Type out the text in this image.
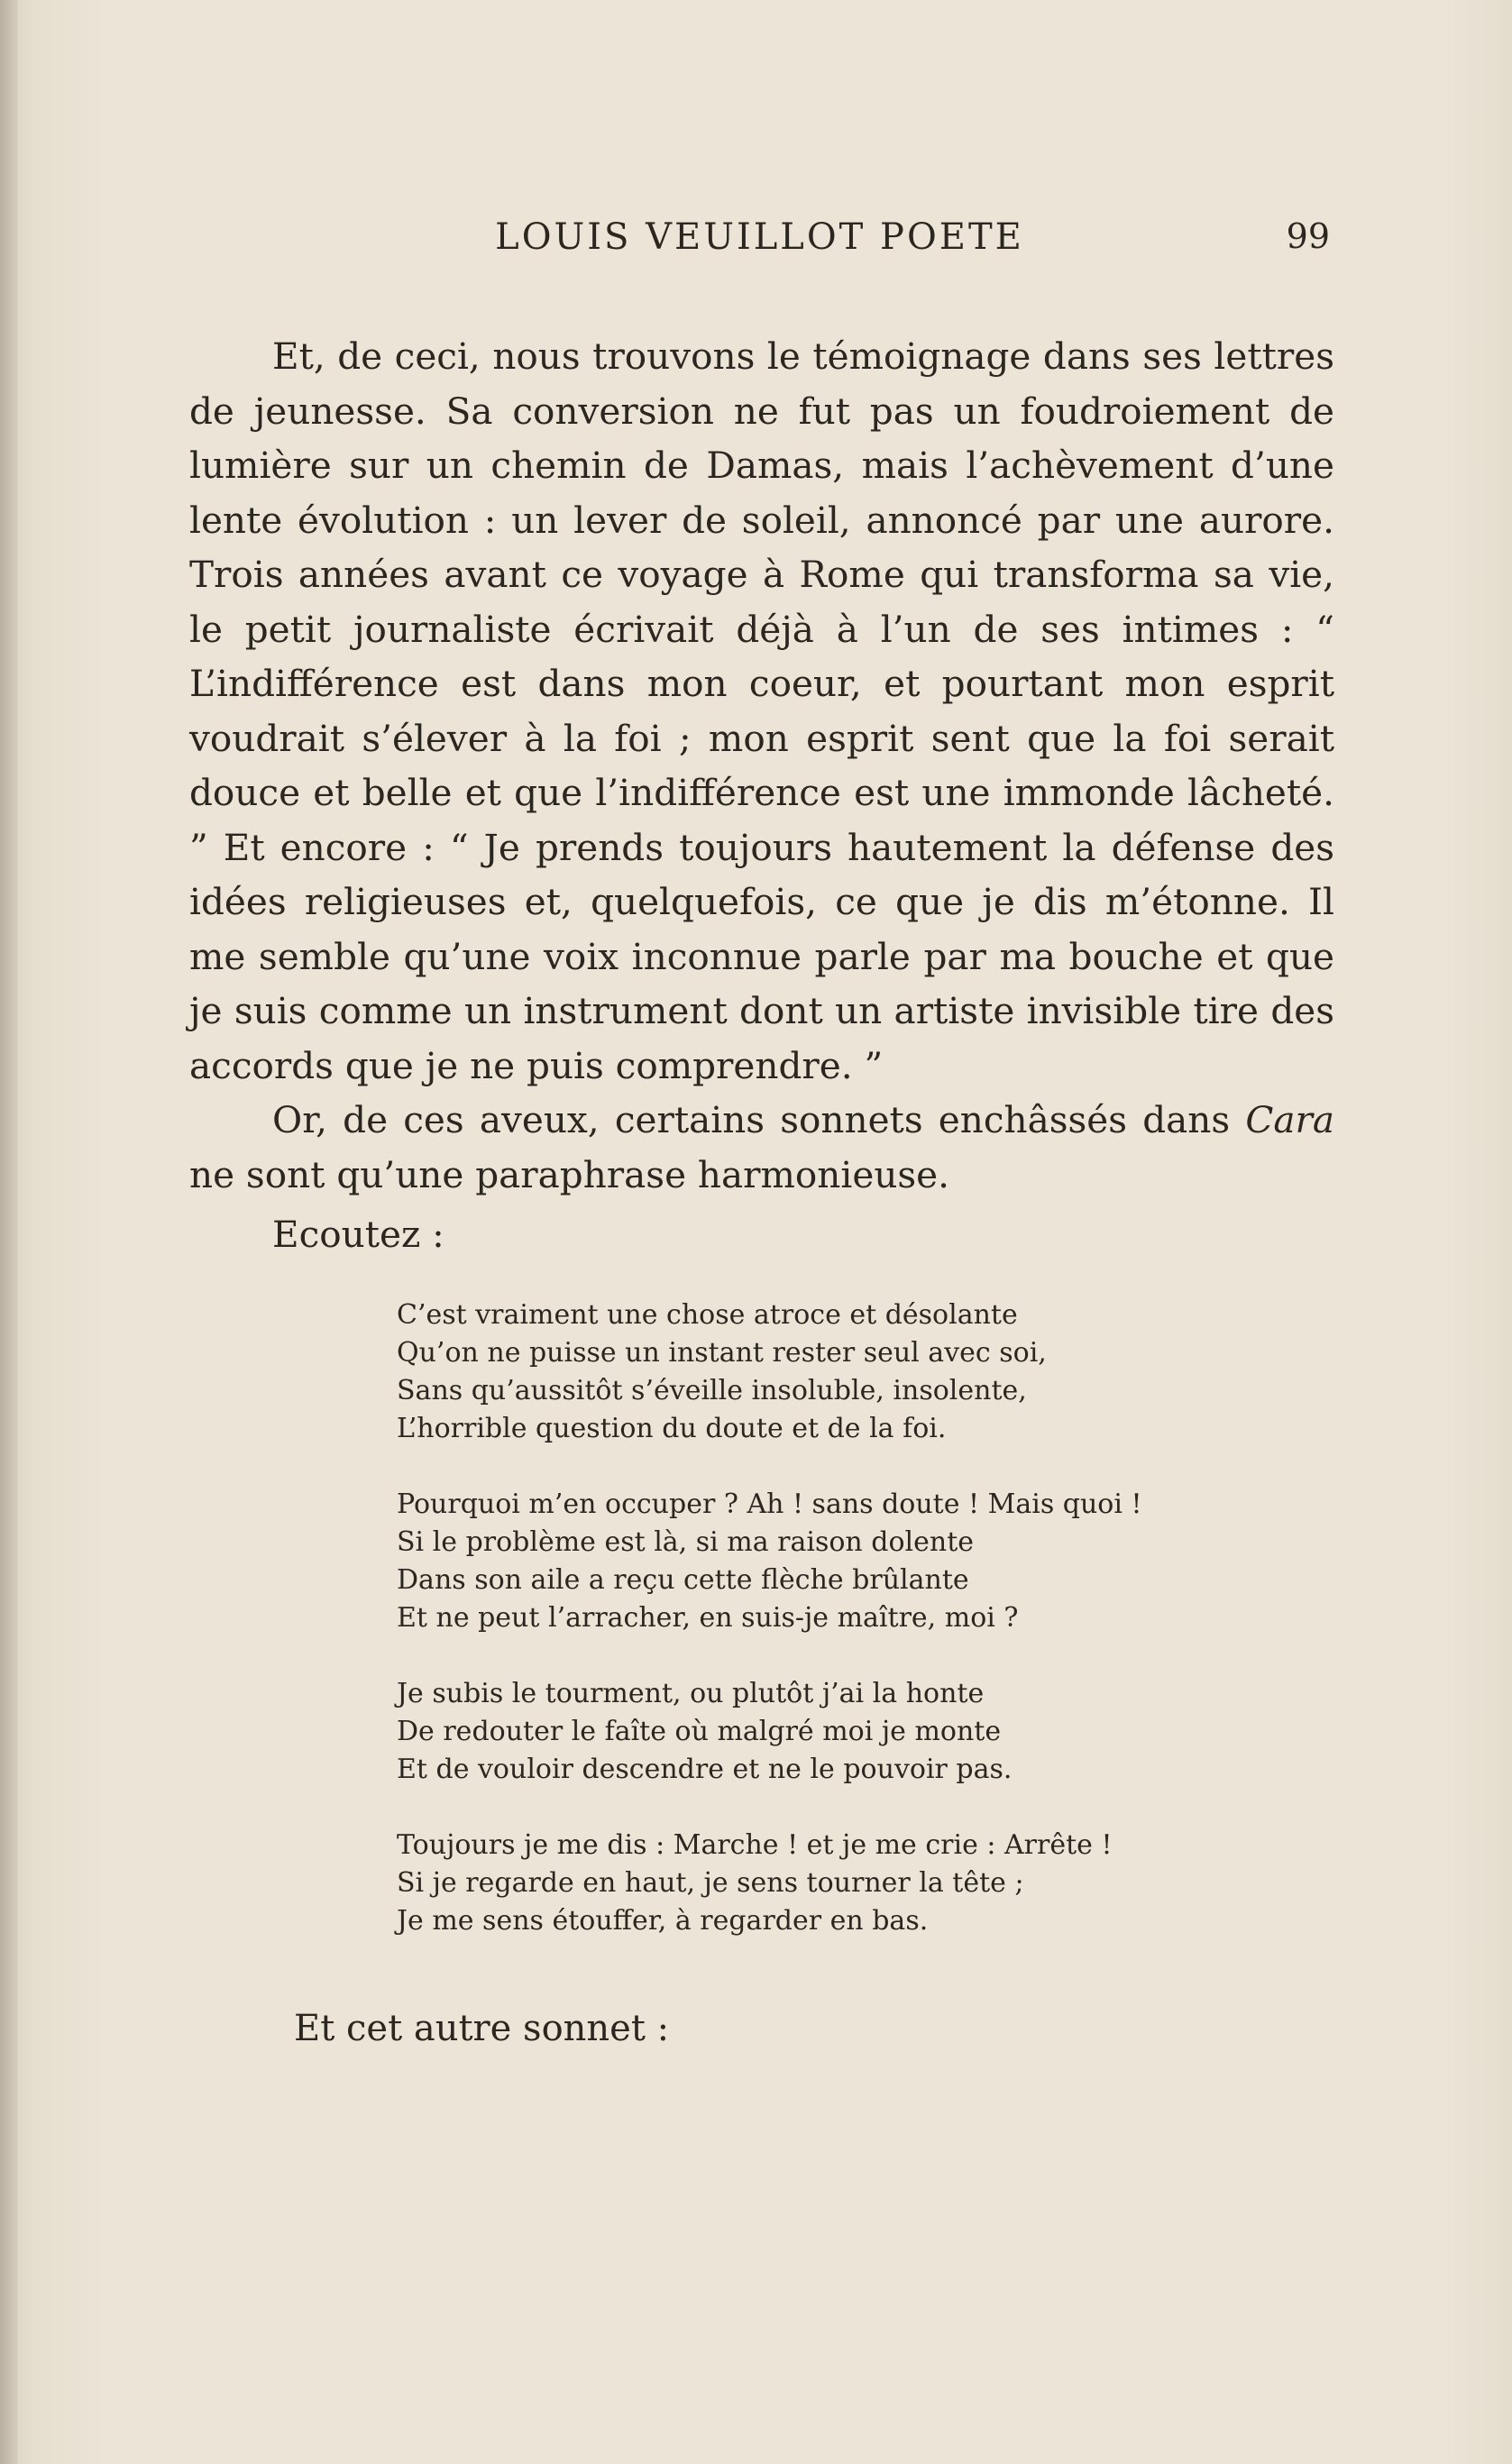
LOUIS VEUILLOT POETE	99

Et, de ceci, nous trouvons le témoignage dans ses lettres de jeunesse. Sa conversion ne fut pas un foudroiement de lumière sur un chemin de Damas, mais l’achèvement d’une lente évolution : un lever de soleil, annoncé par une aurore. Trois années avant ce voyage à Rome qui transforma sa vie, le petit journaliste écrivait déjà à l’un de ses intimes : “ L’indifférence est dans mon coeur, et pourtant mon esprit voudrait s’élever à la foi ; mon esprit sent que la foi serait douce et belle et que l’indifférence est une immonde lâcheté. ” Et encore : “ Je prends toujours hautement la défense des idées religieuses et, quelquefois, ce que je dis m’étonne. Il me semble qu’une voix inconnue parle par ma bouche et que je suis comme un instrument dont un artiste invisible tire des accords que je ne puis comprendre. ”

Or, de ces aveux, certains sonnets enchâssés dans Cara ne sont qu’une paraphrase harmonieuse.

Ecoutez :

C’est vraiment une chose atroce et désolante
Qu’on ne puisse un instant rester seul avec soi,
Sans qu’aussitôt s’éveille insoluble, insolente,
L’horrible question du doute et de la foi.
Pourquoi m’en occuper ? Ah ! sans doute ! Mais quoi !
Si le problème est là, si ma raison dolente
Dans son aile a reçu cette flèche brûlante
Et ne peut l’arracher, en suis-je maître, moi ?
Je subis le tourment, ou plutôt j’ai la honte
De redouter le faîte où malgré moi je monte
Et de vouloir descendre et ne le pouvoir pas.
Toujours je me dis : Marche ! et je me crie : Arrête !
Si je regarde en haut, je sens tourner la tête ;
Je me sens étouffer, à regarder en bas.
Et cet autre sonnet :
